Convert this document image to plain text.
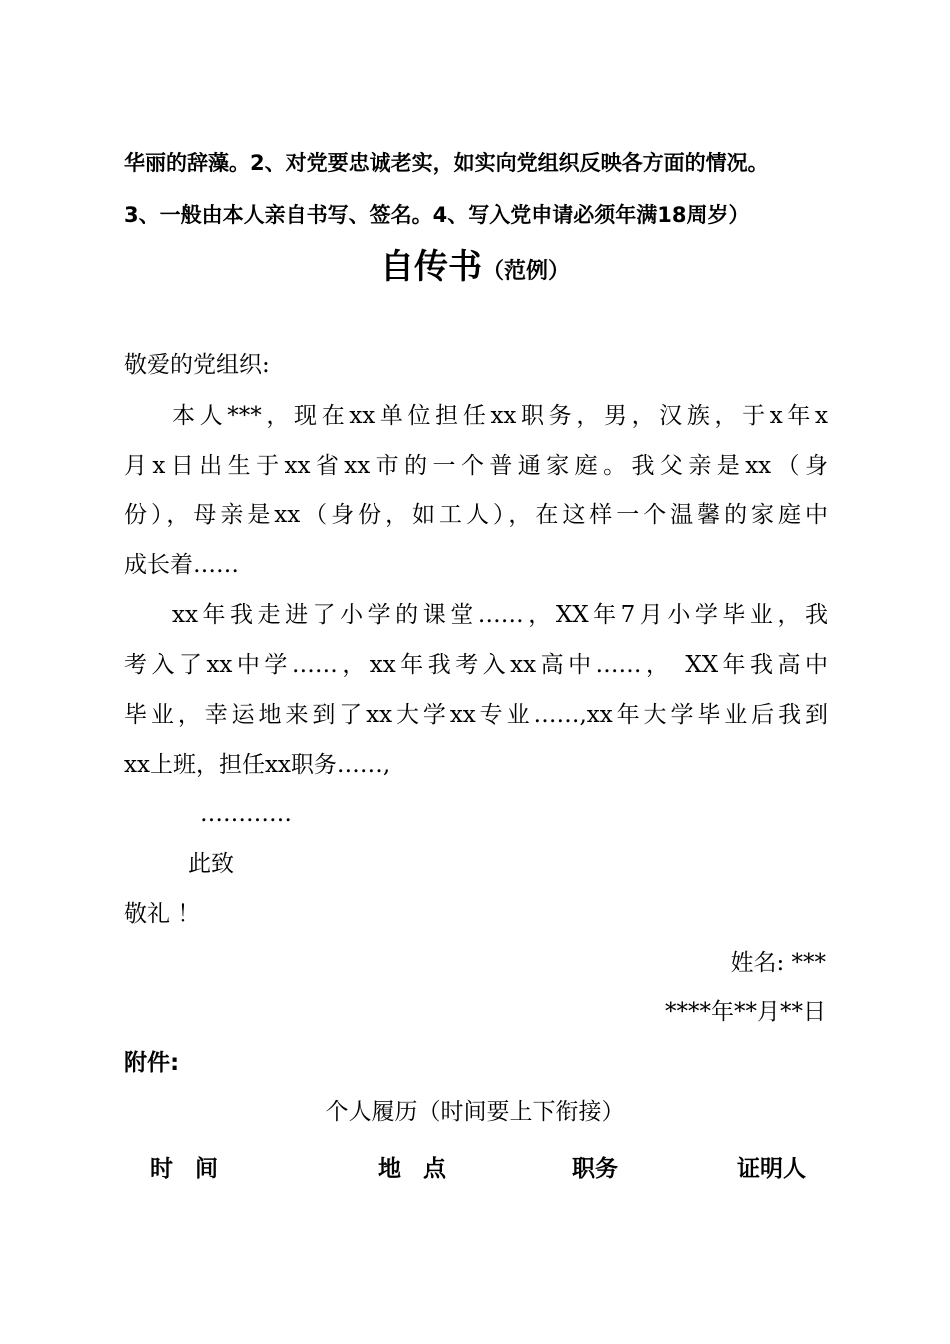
华丽的辞藻。2、对党要忠诚老实，如实向党组织反映各方面的情况。
3、一般由本人亲自书写、签名。4、写入党申请必须年满18周岁）
自传书（范例）
敬爱的党组织:
本人***，现在xx单位担任xx职务，男，汉族，于x年x
月x日出生于xx省xx市的一个普通家庭。我父亲是xx（身
份），母亲是xx（身份，如工人），在这样一个温馨的家庭中
成长着……
xx年我走进了小学的课堂……，XX年7月小学毕业，我
考入了xx中学……，xx年我考入xx高中……， XX年我高中
毕业，幸运地来到了xx大学xx专业……,xx年大学毕业后我到
xx上班，担任xx职务……,
…………
此致
敬礼 ！
姓名: ***
****年**月**日
附件:
个人履历（时间要上下衔接）
时 间	地 点	职务	证明人
